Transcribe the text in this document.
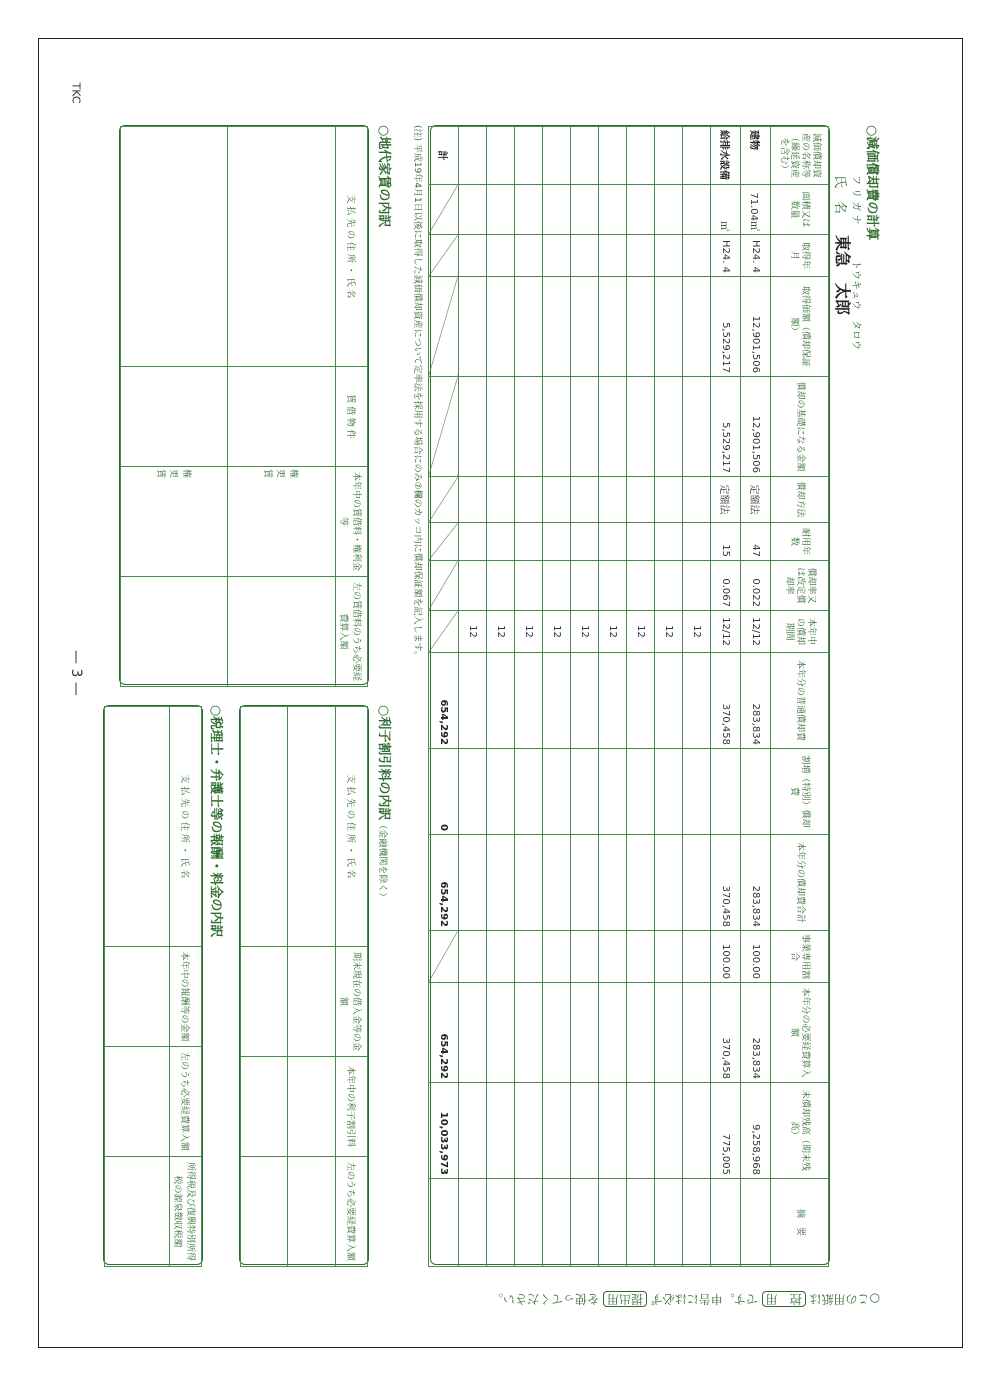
TKC
— 3 —
○減価償却費の計算
フ リ ガ ナ
トウキュウ　タロウ
氏　名
東急　太郎
減価償却資産の名称等（繰延資産を含む）	面積又は数量	取得年月	取得価額（償却保証額）	償却の基礎になる金額	償却方法	耐用年数	償却率又は改定償却率	本年中の償却期間	本年分の普通償却費	割増（特別）償却費	本年分の償却費合計	事業専用割合	本年分の必要経費算入額	未償却残高（期末残高）	摘　要
建物	71.04㎡	H24. 4	12,901,506	12,901,506	定額法	47	0.022	12/12	283,834		283,834	100.00	283,834	9,258,968	
給排水設備	㎡	H24. 4	5,529,217	5,529,217	定額法	15	0.067	12/12	370,458		370,458	100.00	370,458	775,005	
								12							
								12							
								12							
								12							
								12							
								12							
								12							
								12							
								12							
計									654,292	0	654,292		654,292	10,033,973	
(注) 平成19年4月1日以後に取得した減価償却資産について定率法を採用する場合にのみ⑦欄のカッコ内に償却保証額を記入します。
○地代家賃の内訳
支 払 先 の 住 所 ・ 氏 名	賃 借 物 件	本年中の賃借料・権利金等	左の賃借料のうち必要経費算入額
		権
更
賃	
		権
更
賃	
○利子割引料の内訳（金融機関を除く）
支 払 先 の 住 所 ・ 氏 名	期末現在の借入金等の金額	本年中の利子割引料	左のうち必要経費算入額

○税理士・弁護士等の報酬・料金の内訳
支 払 先 の 住 所 ・ 氏 名	本年中の報酬等の金額	左のうち必要経費算入額	所得税及び復興特別所得税の源泉徴収税額

○この用紙は 控　用 です。申告には必ず 提出用 を使ってください。
